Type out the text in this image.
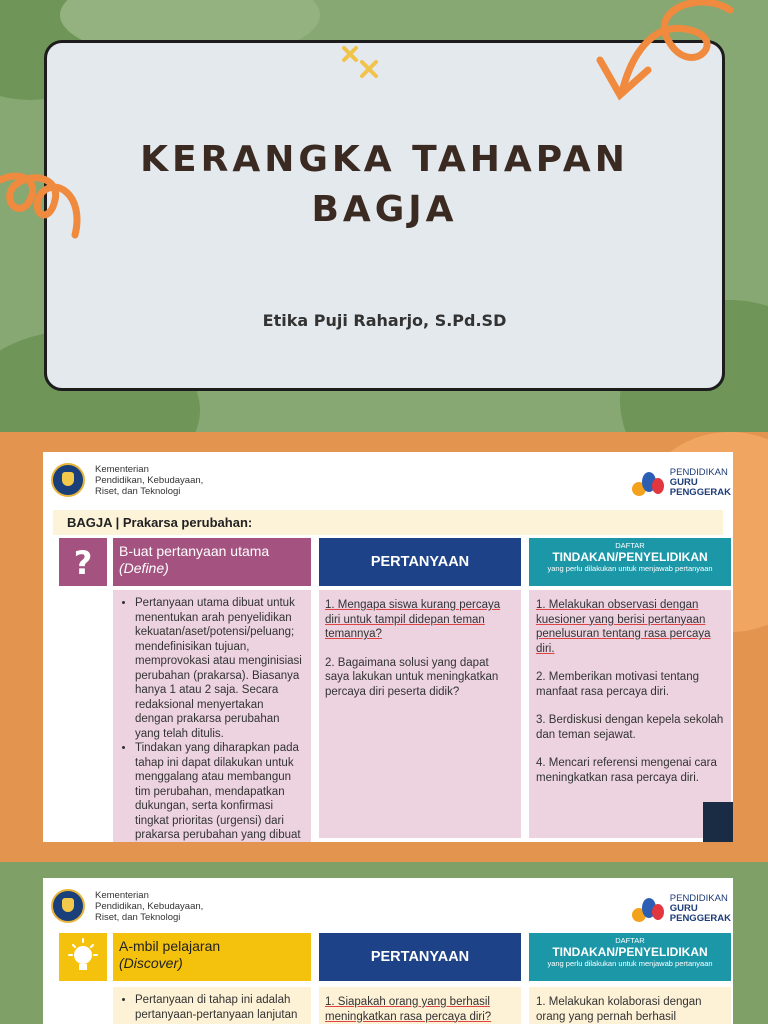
KERANGKA TAHAPAN
BAGJA
Etika Puji Raharjo, S.Pd.SD
Kementerian
Pendidikan, Kebudayaan,
Riset, dan Teknologi
PENDIDIKAN
GURU
PENGGERAK
BAGJA | Prakarsa perubahan:
? B-uat pertanyaan utama
(Define)	PERTANYAAN
DAFTAR
TINDAKAN/PENYELIDIKAN
yang perlu dilakukan untuk menjawab pertanyaan
• Pertanyaan utama dibuat untuk menentukan arah penyelidikan kekuatan/aset/potensi/peluang; mendefinisikan tujuan, memprovokasi atau menginisiasi perubahan (prakarsa). Biasanya hanya 1 atau 2 saja. Secara redaksional menyertakan dengan prakarsa perubahan yang telah ditulis.
• Tindakan yang diharapkan pada tahap ini dapat dilakukan untuk menggalang atau membangun tim perubahan, mendapatkan dukungan, serta konfirmasi tingkat prioritas (urgensi) dari prakarsa perubahan yang dibuat
1. Mengapa siswa kurang percaya diri untuk tampil didepan teman temannya?
2. Bagaimana solusi yang dapat saya lakukan untuk meningkatkan percaya diri peserta didik?
1. Melakukan observasi dengan kuesioner yang berisi pertanyaan penelusuran tentang rasa percaya diri.
2. Memberikan motivasi tentang manfaat rasa percaya diri.
3. Berdiskusi dengan kepela sekolah dan teman sejawat.
4. Mencari referensi mengenai cara meningkatkan rasa percaya diri.
Kementerian
Pendidikan, Kebudayaan,
Riset, dan Teknologi
PENDIDIKAN
GURU
PENGGERAK
A-mbil pelajaran
(Discover)	PERTANYAAN
DAFTAR
TINDAKAN/PENYELIDIKAN
yang perlu dilakukan untuk menjawab pertanyaan
• Pertanyaan di tahap ini adalah pertanyaan-pertanyaan lanjutan
1. Siapakah orang yang berhasil meningkatkan rasa percaya diri?
1. Melakukan kolaborasi dengan orang yang pernah berhasil
